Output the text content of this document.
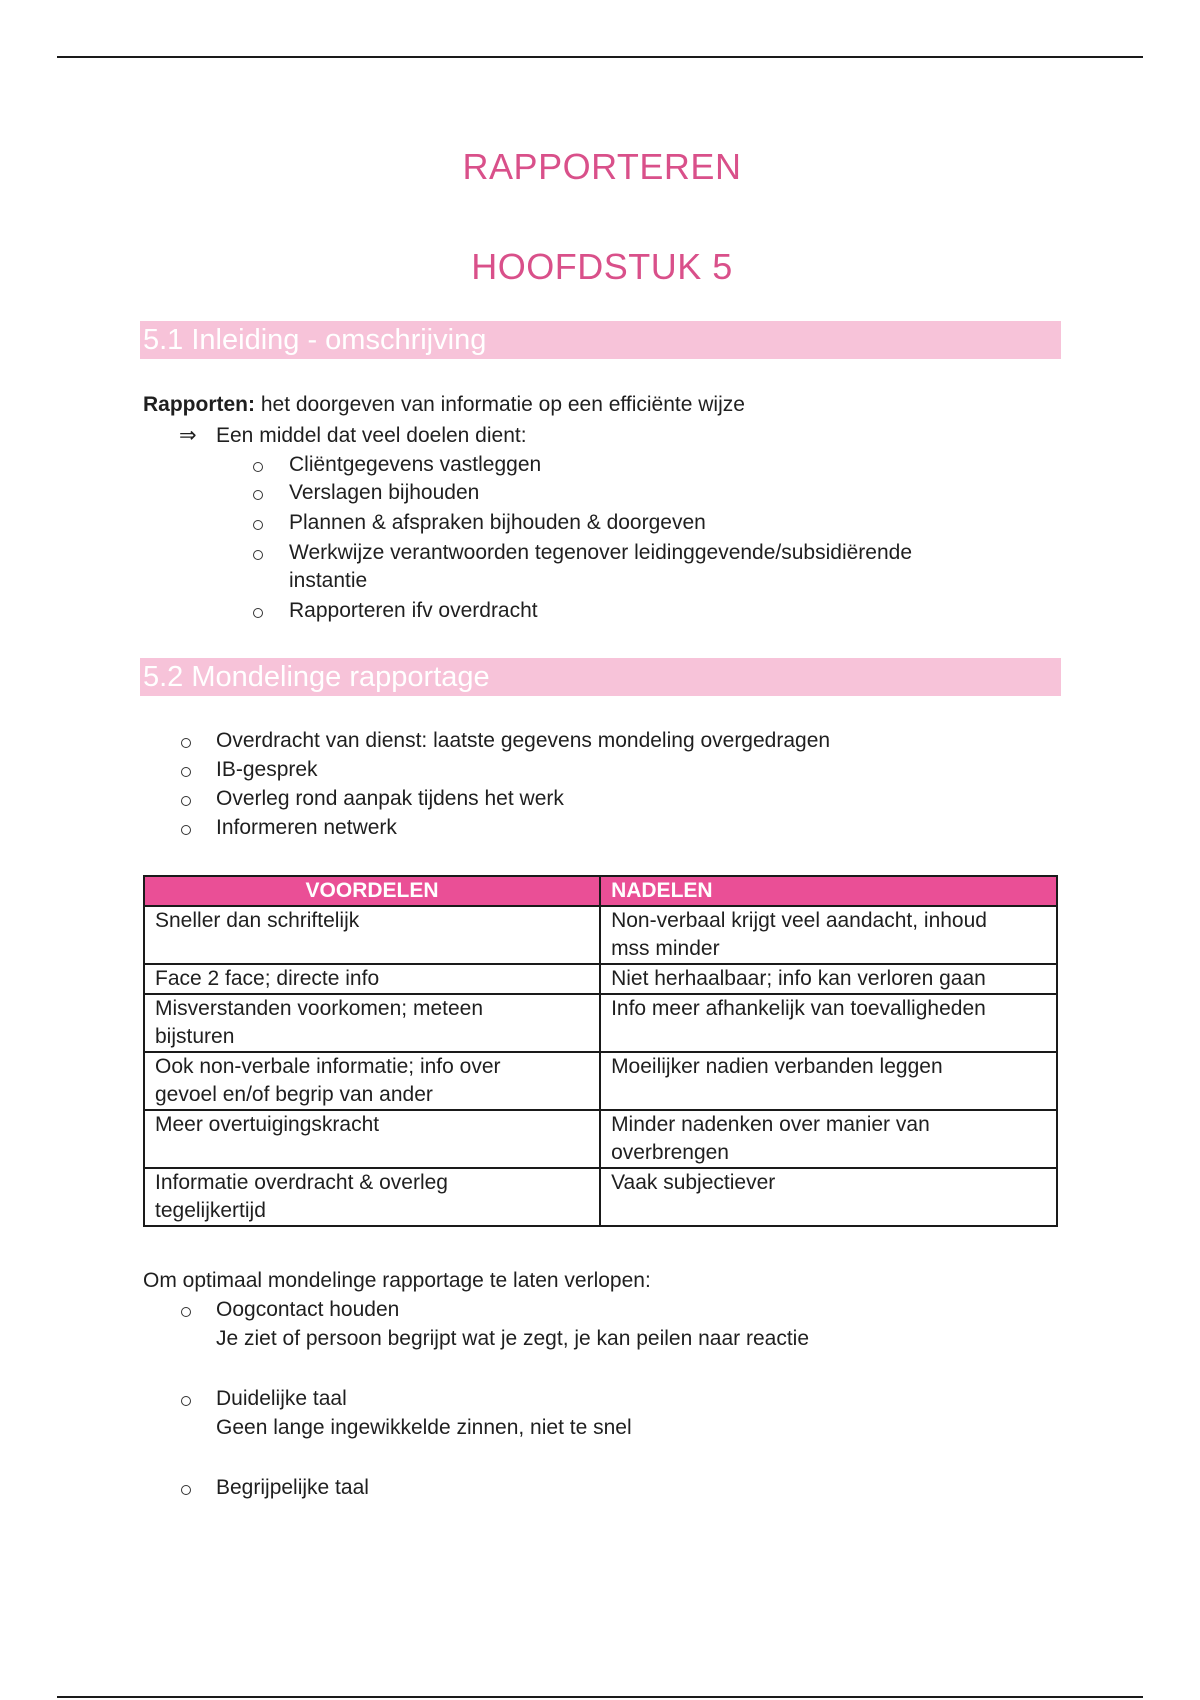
RAPPORTEREN
HOOFDSTUK 5
5.1 Inleiding - omschrijving
Rapporten: het doorgeven van informatie op een efficiënte wijze
⇒ Een middel dat veel doelen dient:
Cliëntgegevens vastleggen
Verslagen bijhouden
Plannen & afspraken bijhouden & doorgeven
Werkwijze verantwoorden tegenover leidinggevende/subsidiërende
instantie
Rapporteren ifv overdracht
5.2 Mondelinge rapportage
Overdracht van dienst: laatste gegevens mondeling overgedragen
IB-gesprek
Overleg rond aanpak tijdens het werk
Informeren netwerk
VOORDELEN	NADELEN

Sneller dan schriftelijk	Non-verbaal krijgt veel aandacht, inhoud
mss minder

Face 2 face; directe info	Niet herhaalbaar; info kan verloren gaan

Misverstanden voorkomen; meteen
bijsturen	Info meer afhankelijk van toevalligheden

Ook non-verbale informatie; info over
gevoel en/of begrip van ander	Moeilijker nadien verbanden leggen

Meer overtuigingskracht	Minder nadenken over manier van
overbrengen

Informatie overdracht & overleg
tegelijkertijd	Vaak subjectiever
Om optimaal mondelinge rapportage te laten verlopen:
Oogcontact houden
Je ziet of persoon begrijpt wat je zegt, je kan peilen naar reactie
Duidelijke taal
Geen lange ingewikkelde zinnen, niet te snel
Begrijpelijke taal
